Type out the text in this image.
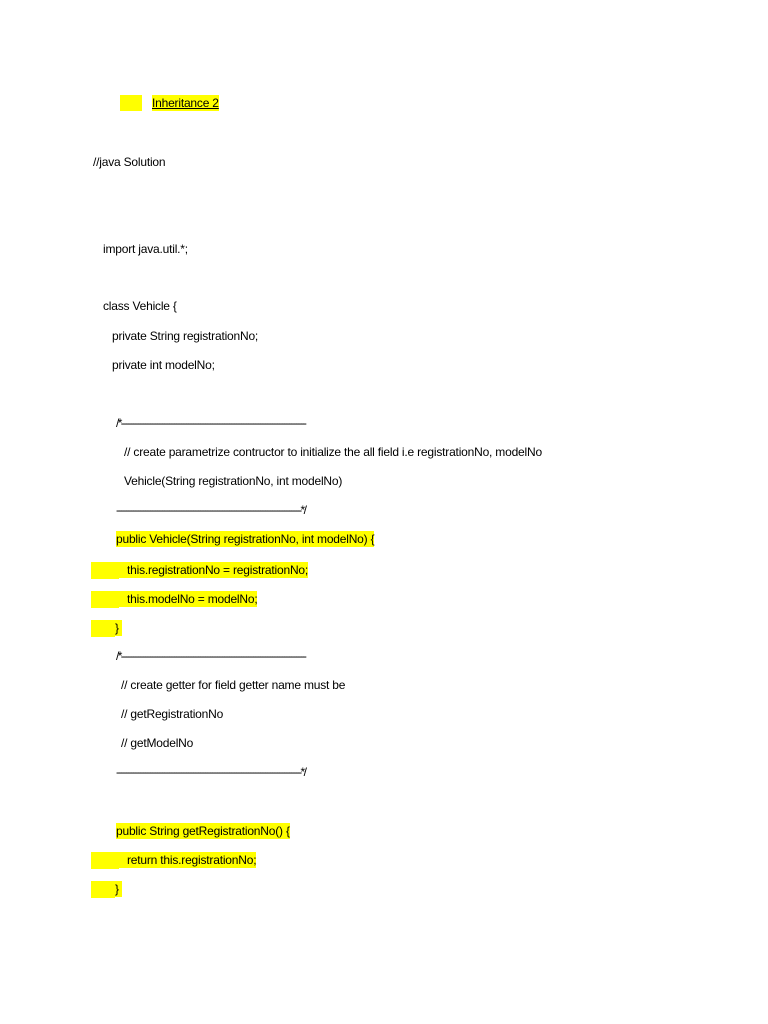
Inheritance 2
//java Solution
import java.util.*;
class Vehicle {
private String registrationNo;
private int modelNo;
/*-----------------------------------------------------------------------------
// create parametrize contructor to initialize the all field i.e registrationNo, modelNo
Vehicle(String registrationNo, int modelNo)
-----------------------------------------------------------------------------*/
public Vehicle(String registrationNo, int modelNo) {
this.registrationNo = registrationNo;
this.modelNo = modelNo;
}
/*-----------------------------------------------------------------------------
// create getter for field getter name must be
// getRegistrationNo
// getModelNo
-----------------------------------------------------------------------------*/
public String getRegistrationNo() {
return this.registrationNo;
}
